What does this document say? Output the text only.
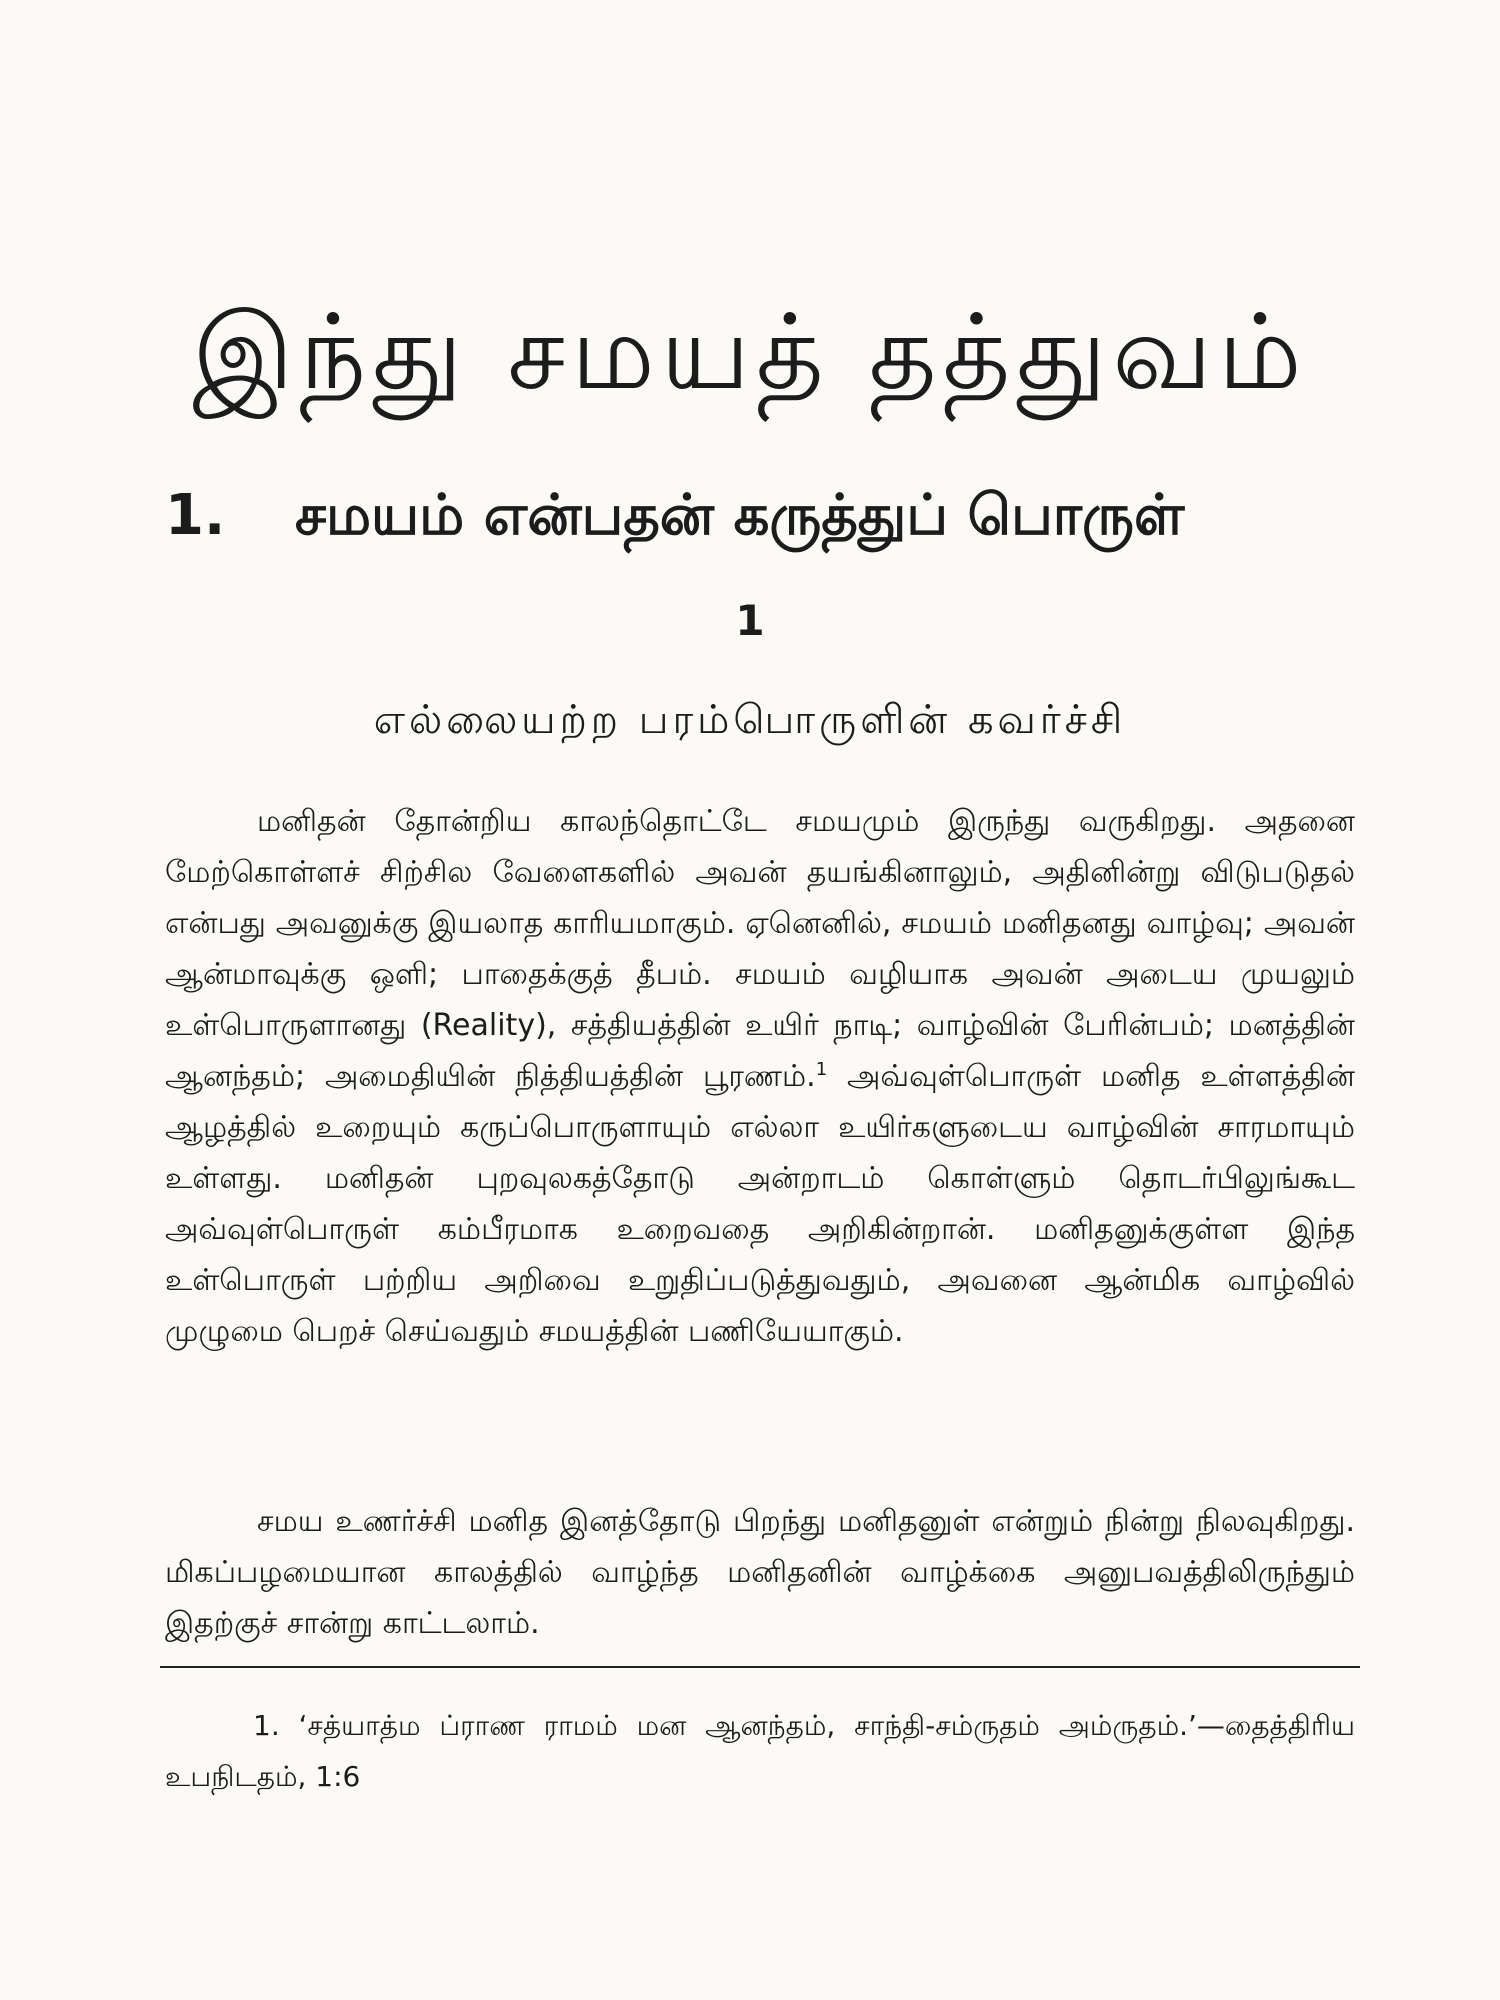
இந்து சமயத் தத்துவம்
1. சமயம் என்பதன் கருத்துப் பொருள்
1
எல்லையற்ற பரம்பொருளின் கவர்ச்சி

மனிதன் தோன்றிய காலந்தொட்டே சமயமும் இருந்து வருகிறது. அதனை மேற்கொள்ளச் சிற்சில வேளைகளில் அவன் தயங்கினாலும், அதினின்று விடுபடுதல் என்பது அவனுக்கு இயலாத காரியமாகும். ஏனெனில், சமயம் மனிதனது வாழ்வு; அவன் ஆன்மாவுக்கு ஒளி; பாதைக்குத் தீபம். சமயம் வழியாக அவன் அடைய முயலும் உள்பொருளானது (Reality), சத்தியத்தின் உயிர் நாடி; வாழ்வின் பேரின்பம்; மனத்தின் ஆனந்தம்; அமைதியின் நித்தியத்தின் பூரணம்.$^1$ அவ்வுள்பொருள் மனித உள்ளத்தின் ஆழத்தில் உறையும் கருப்பொருளாயும் எல்லா உயிர்களுடைய வாழ்வின் சாரமாயும் உள்ளது. மனிதன் புறவுலகத்தோடு அன்றாடம் கொள்ளும் தொடர்பிலுங்கூட அவ்வுள்பொருள் கம்பீரமாக உறைவதை அறிகின்றான். மனிதனுக்குள்ள இந்த உள்பொருள் பற்றிய அறிவை உறுதிப்படுத்துவதும், அவனை ஆன்மிக வாழ்வில் முழுமை பெறச் செய்வதும் சமயத்தின் பணியேயாகும்.

சமய உணர்ச்சி மனித இனத்தோடு பிறந்து மனிதனுள் என்றும் நின்று நிலவுகிறது. மிகப்பழமையான காலத்தில் வாழ்ந்த மனிதனின் வாழ்க்கை அனுபவத்திலிருந்தும் இதற்குச் சான்று காட்டலாம்.

1. ‘சத்யாத்ம ப்ராண ராமம் மன ஆனந்தம், சாந்தி-சம்ருதம் அம்ருதம்.’—தைத்திரிய உபநிடதம், 1:6
